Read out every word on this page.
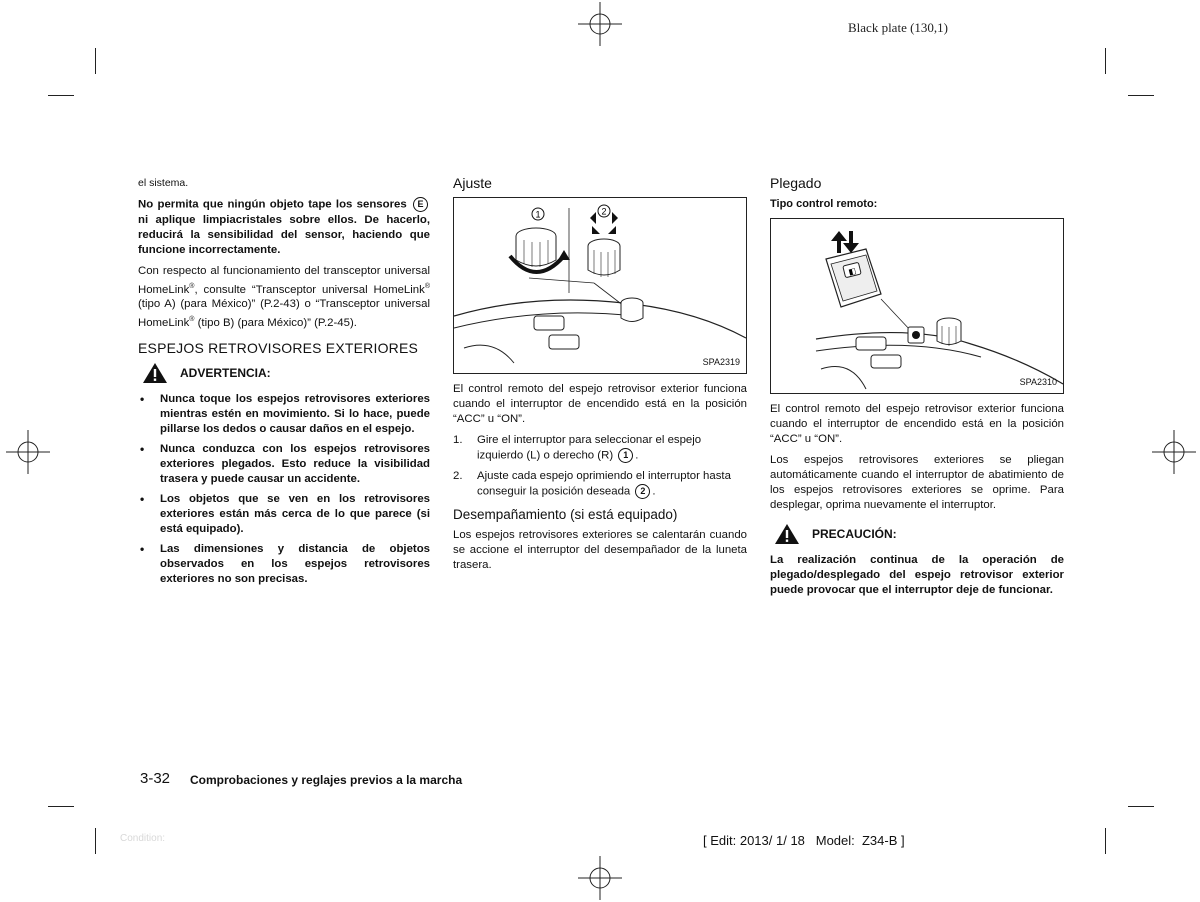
Black plate (130,1)

el sistema.

No permita que ningún objeto tape los sensores E ni aplique limpiacristales sobre ellos. De hacerlo, reducirá la sensibilidad del sensor, haciendo que funcione incorrectamente.

Con respecto al funcionamiento del transceptor universal HomeLink®, consulte “Transceptor universal HomeLink® (tipo A) (para México)” (P.2-43) o “Transceptor universal HomeLink® (tipo B) (para México)” (P.2-45).

ESPEJOS RETROVISORES EXTERIORES
ADVERTENCIA:
• Nunca toque los espejos retrovisores exteriores mientras estén en movimiento. Si lo hace, puede pillarse los dedos o causar daños en el espejo.
• Nunca conduzca con los espejos retrovisores exteriores plegados. Esto reduce la visibilidad trasera y puede causar un accidente.
• Los objetos que se ven en los retrovisores exteriores están más cerca de lo que parece (si está equipado).
• Las dimensiones y distancia de objetos observados en los espejos retrovisores exteriores no son precisas.
Ajuste
1	2
SPA2319

El control remoto del espejo retrovisor exterior funciona cuando el interruptor de encendido está en la posición “ACC” u “ON”.

1. Gire el interruptor para seleccionar el espejo izquierdo (L) o derecho (R) 1 .
2. Ajuste cada espejo oprimiendo el interruptor hasta conseguir la posición deseada 2 .
Desempañamiento (si está equipado)

Los espejos retrovisores exteriores se calentarán cuando se accione el interruptor del desempañador de la luneta trasera.

Plegado

Tipo control remoto:

◧
SPA2310

El control remoto del espejo retrovisor exterior funciona cuando el interruptor de encendido está en la posición “ACC” u “ON”.

Los espejos retrovisores exteriores se pliegan automáticamente cuando el interruptor de abatimiento de los espejos retrovisores exteriores se oprime. Para desplegar, oprima nuevamente el interruptor.

PRECAUCIÓN:

La realización continua de la operación de plegado/desplegado del espejo retrovisor exterior puede provocar que el interruptor deje de funcionar.

3-32 Comprobaciones y reglajes previos a la marcha
Condition:	[ Edit: 2013/ 1/ 18   Model:  Z34-B ]
